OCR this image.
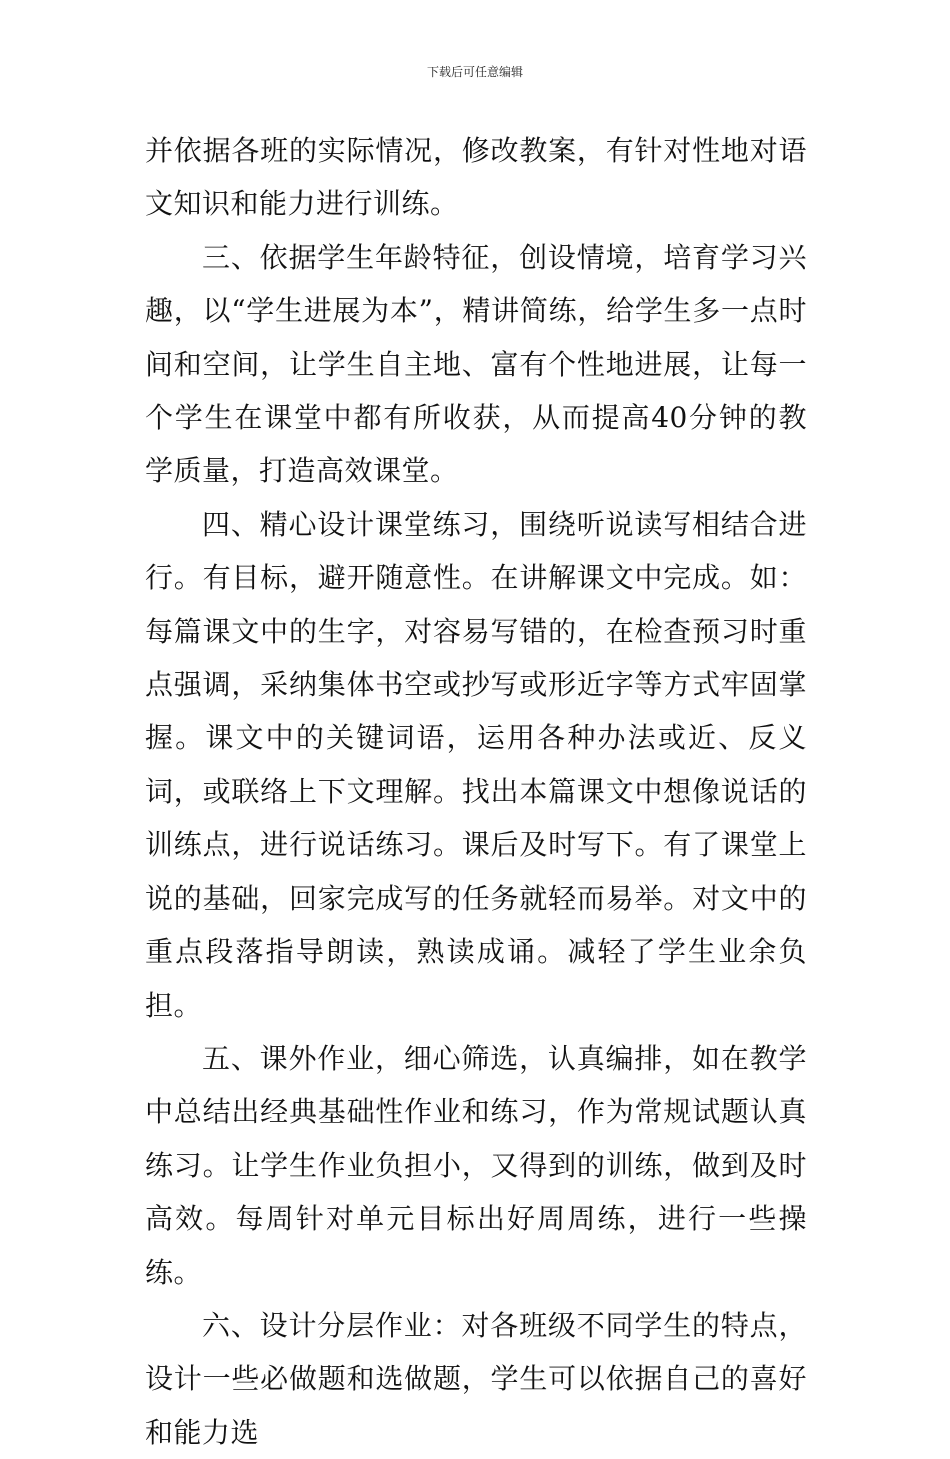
下载后可任意编辑

并依据各班的实际情况，修改教案，有针对性地对语文知识和能力进行训练。

三、依据学生年龄特征，创设情境，培育学习兴趣，以“学生进展为本”，精讲简练，给学生多一点时间和空间，让学生自主地、富有个性地进展，让每一个学生在课堂中都有所收获，从而提高40分钟的教学质量，打造高效课堂。

四、精心设计课堂练习，围绕听说读写相结合进行。有目标，避开随意性。在讲解课文中完成。如：每篇课文中的生字，对容易写错的，在检查预习时重点强调，采纳集体书空或抄写或形近字等方式牢固掌握。课文中的关键词语，运用各种办法或近、反义词，或联络上下文理解。找出本篇课文中想像说话的训练点，进行说话练习。课后及时写下。有了课堂上说的基础，回家完成写的任务就轻而易举。对文中的重点段落指导朗读，熟读成诵。减轻了学生业余负担。

五、课外作业，细心筛选，认真编排，如在教学中总结出经典基础性作业和练习，作为常规试题认真练习。让学生作业负担小，又得到的训练，做到及时高效。每周针对单元目标出好周周练，进行一些操练。

六、设计分层作业：对各班级不同学生的特点，设计一些必做题和选做题，学生可以依据自己的喜好和能力选
